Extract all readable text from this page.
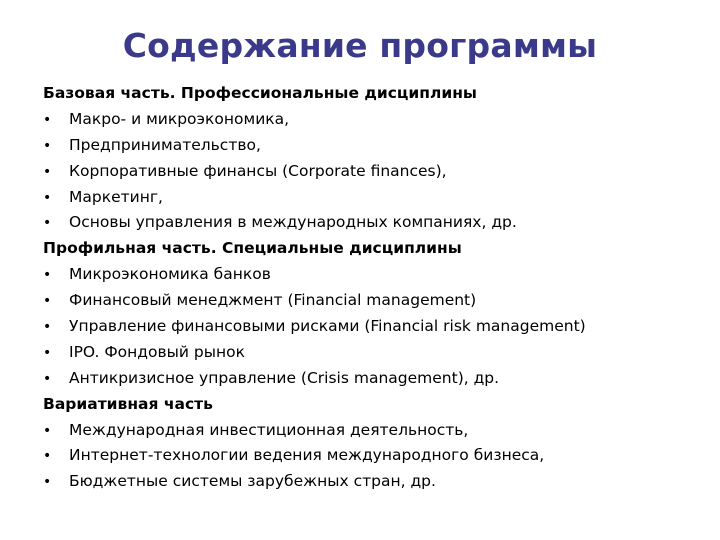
Содержание программы
Базовая часть. Профессиональные дисциплины
• Макро- и микроэкономика,
• Предпринимательство,
• Корпоративные финансы (Corporate finances),
• Маркетинг,
• Основы управления в международных компаниях, др.
Профильная часть. Специальные дисциплины
• Микроэкономика банков
• Финансовый менеджмент (Financial management)
• Управление финансовыми рисками (Financial risk management)
• IPO. Фондовый рынок
• Антикризисное управление (Crisis management), др.
Вариативная часть
• Международная инвестиционная деятельность,
• Интернет-технологии ведения международного бизнеса,
• Бюджетные системы зарубежных стран, др.
